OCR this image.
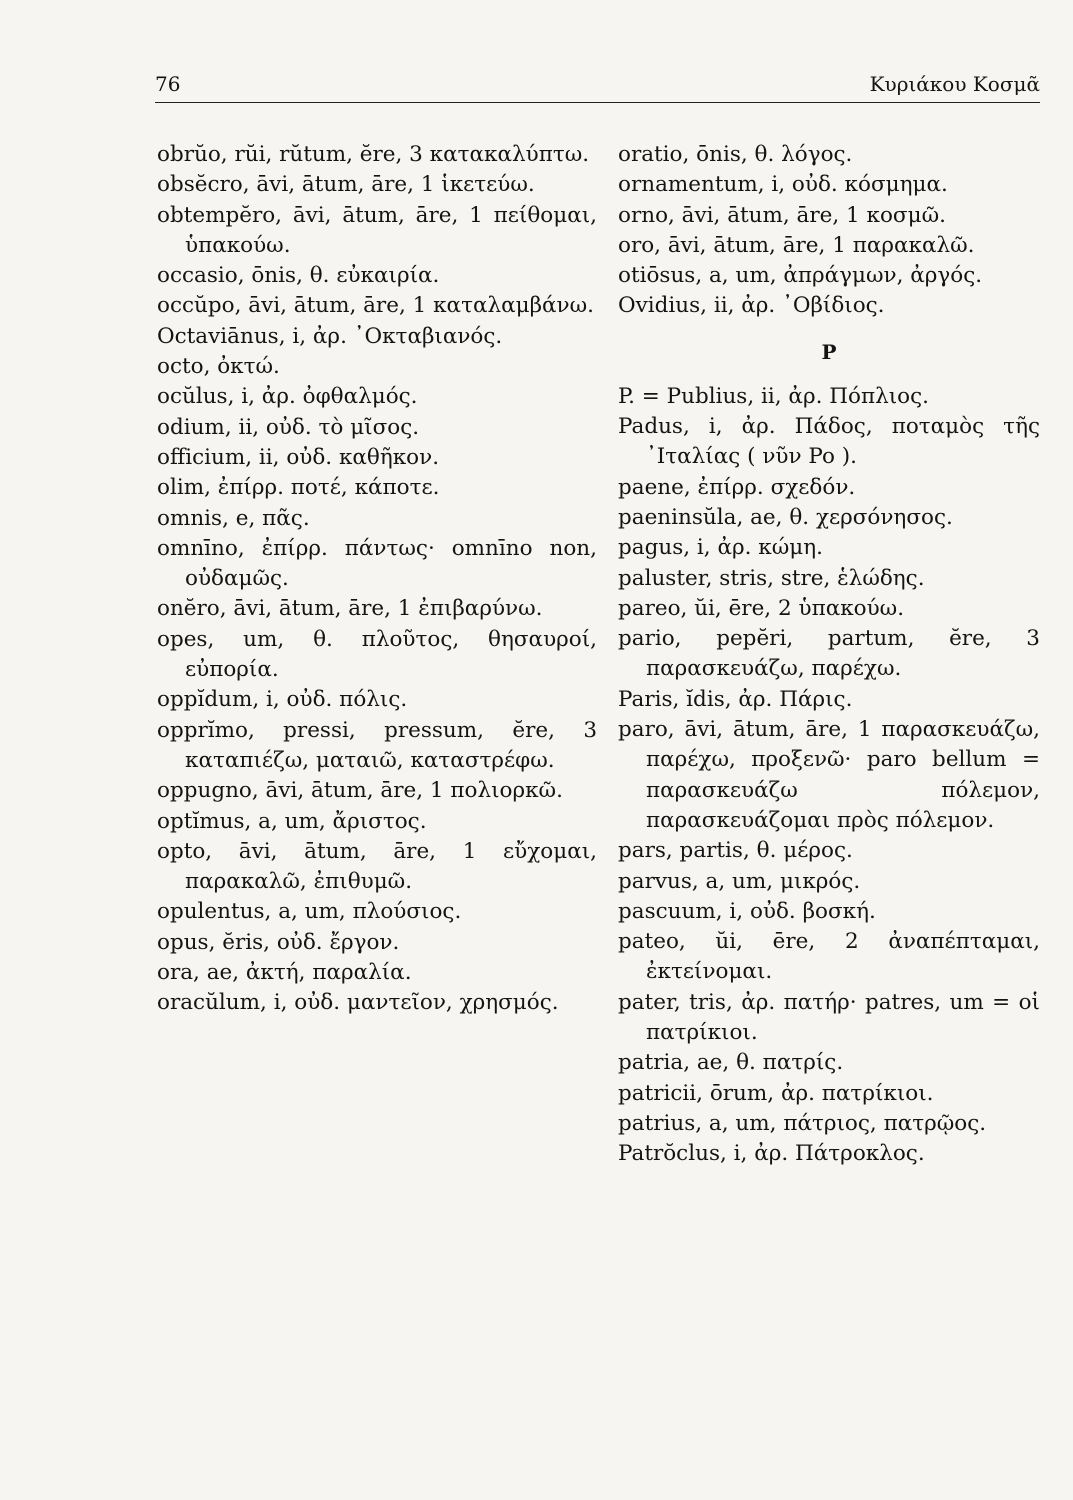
76	Κυριάκου Κοσμᾶ

obrŭo, rŭi, rŭtum, ĕre, 3 κατακαλύπτω.

obsĕcro, āvi, ātum, āre, 1 ἱκετεύω.

obtempĕro, āvi, ātum, āre, 1 πείθομαι, ὑπακούω.

occasio, ōnis, θ. εὐκαιρία.

occŭpo, āvi, ātum, āre, 1 καταλαμβάνω.

Octaviānus, i, ἀρ. ᾿Οκταβιανός.

octo, ὀκτώ.

ocŭlus, i, ἀρ. ὀφθαλμός.

odium, ii, οὐδ. τὸ μῖσος.

officium, ii, οὐδ. καθῆκον.

olim, ἐπίρρ. ποτέ, κάποτε.

omnis, e, πᾶς.

omnīno, ἐπίρρ. πάντως· omnīno non, οὐδαμῶς.

onĕro, āvi, ātum, āre, 1 ἐπιβαρύνω.

opes, um, θ. πλοῦτος, θησαυροί, εὐπορία.

oppĭdum, i, οὐδ. πόλις.

opprĭmo, pressi, pressum, ĕre, 3 καταπιέζω, ματαιῶ, καταστρέφω.

oppugno, āvi, ātum, āre, 1 πολιορκῶ.

optĭmus, a, um, ἄριστος.

opto, āvi, ātum, āre, 1 εὔχομαι, παρακαλῶ, ἐπιθυμῶ.

opulentus, a, um, πλούσιος.

opus, ĕris, οὐδ. ἔργον.

ora, ae, ἀκτή, παραλία.

oracŭlum, i, οὐδ. μαντεῖον, χρησμός.

oratio, ōnis, θ. λόγος.

ornamentum, i, οὐδ. κόσμημα.

orno, āvi, ātum, āre, 1 κοσμῶ.

oro, āvi, ātum, āre, 1 παρακαλῶ.

otiōsus, a, um, ἀπράγμων, ἀργός.

Ovidius, ii, ἀρ. ᾿Οβίδιος.

P

P. = Publius, ii, ἀρ. Πόπλιος.

Padus, i, ἀρ. Πάδος, ποταμὸς τῆς ᾿Ιταλίας ( νῦν Po ).

paene, ἐπίρρ. σχεδόν.

paeninsŭla, ae, θ. χερσόνησος.

pagus, i, ἀρ. κώμη.

paluster, stris, stre, ἑλώδης.

pareo, ŭi, ēre, 2 ὑπακούω.

pario, pepĕri, partum, ĕre, 3 παρασκευάζω, παρέχω.

Paris, ĭdis, ἀρ. Πάρις.

paro, āvi, ātum, āre, 1 παρασκευάζω, παρέχω, προξενῶ· paro bellum = παρασκευάζω πόλεμον, παρασκευάζομαι πρὸς πόλεμον.

pars, partis, θ. μέρος.

parvus, a, um, μικρός.

pascuum, i, οὐδ. βοσκή.

pateo, ŭi, ēre, 2 ἀναπέπταμαι, ἐκτείνομαι.

pater, tris, ἀρ. πατήρ· patres, um = οἱ πατρίκιοι.

patria, ae, θ. πατρίς.

patricii, ōrum, ἀρ. πατρίκιοι.

patrius, a, um, πάτριος, πατρῷος.

Patrŏclus, i, ἀρ. Πάτροκλος.
